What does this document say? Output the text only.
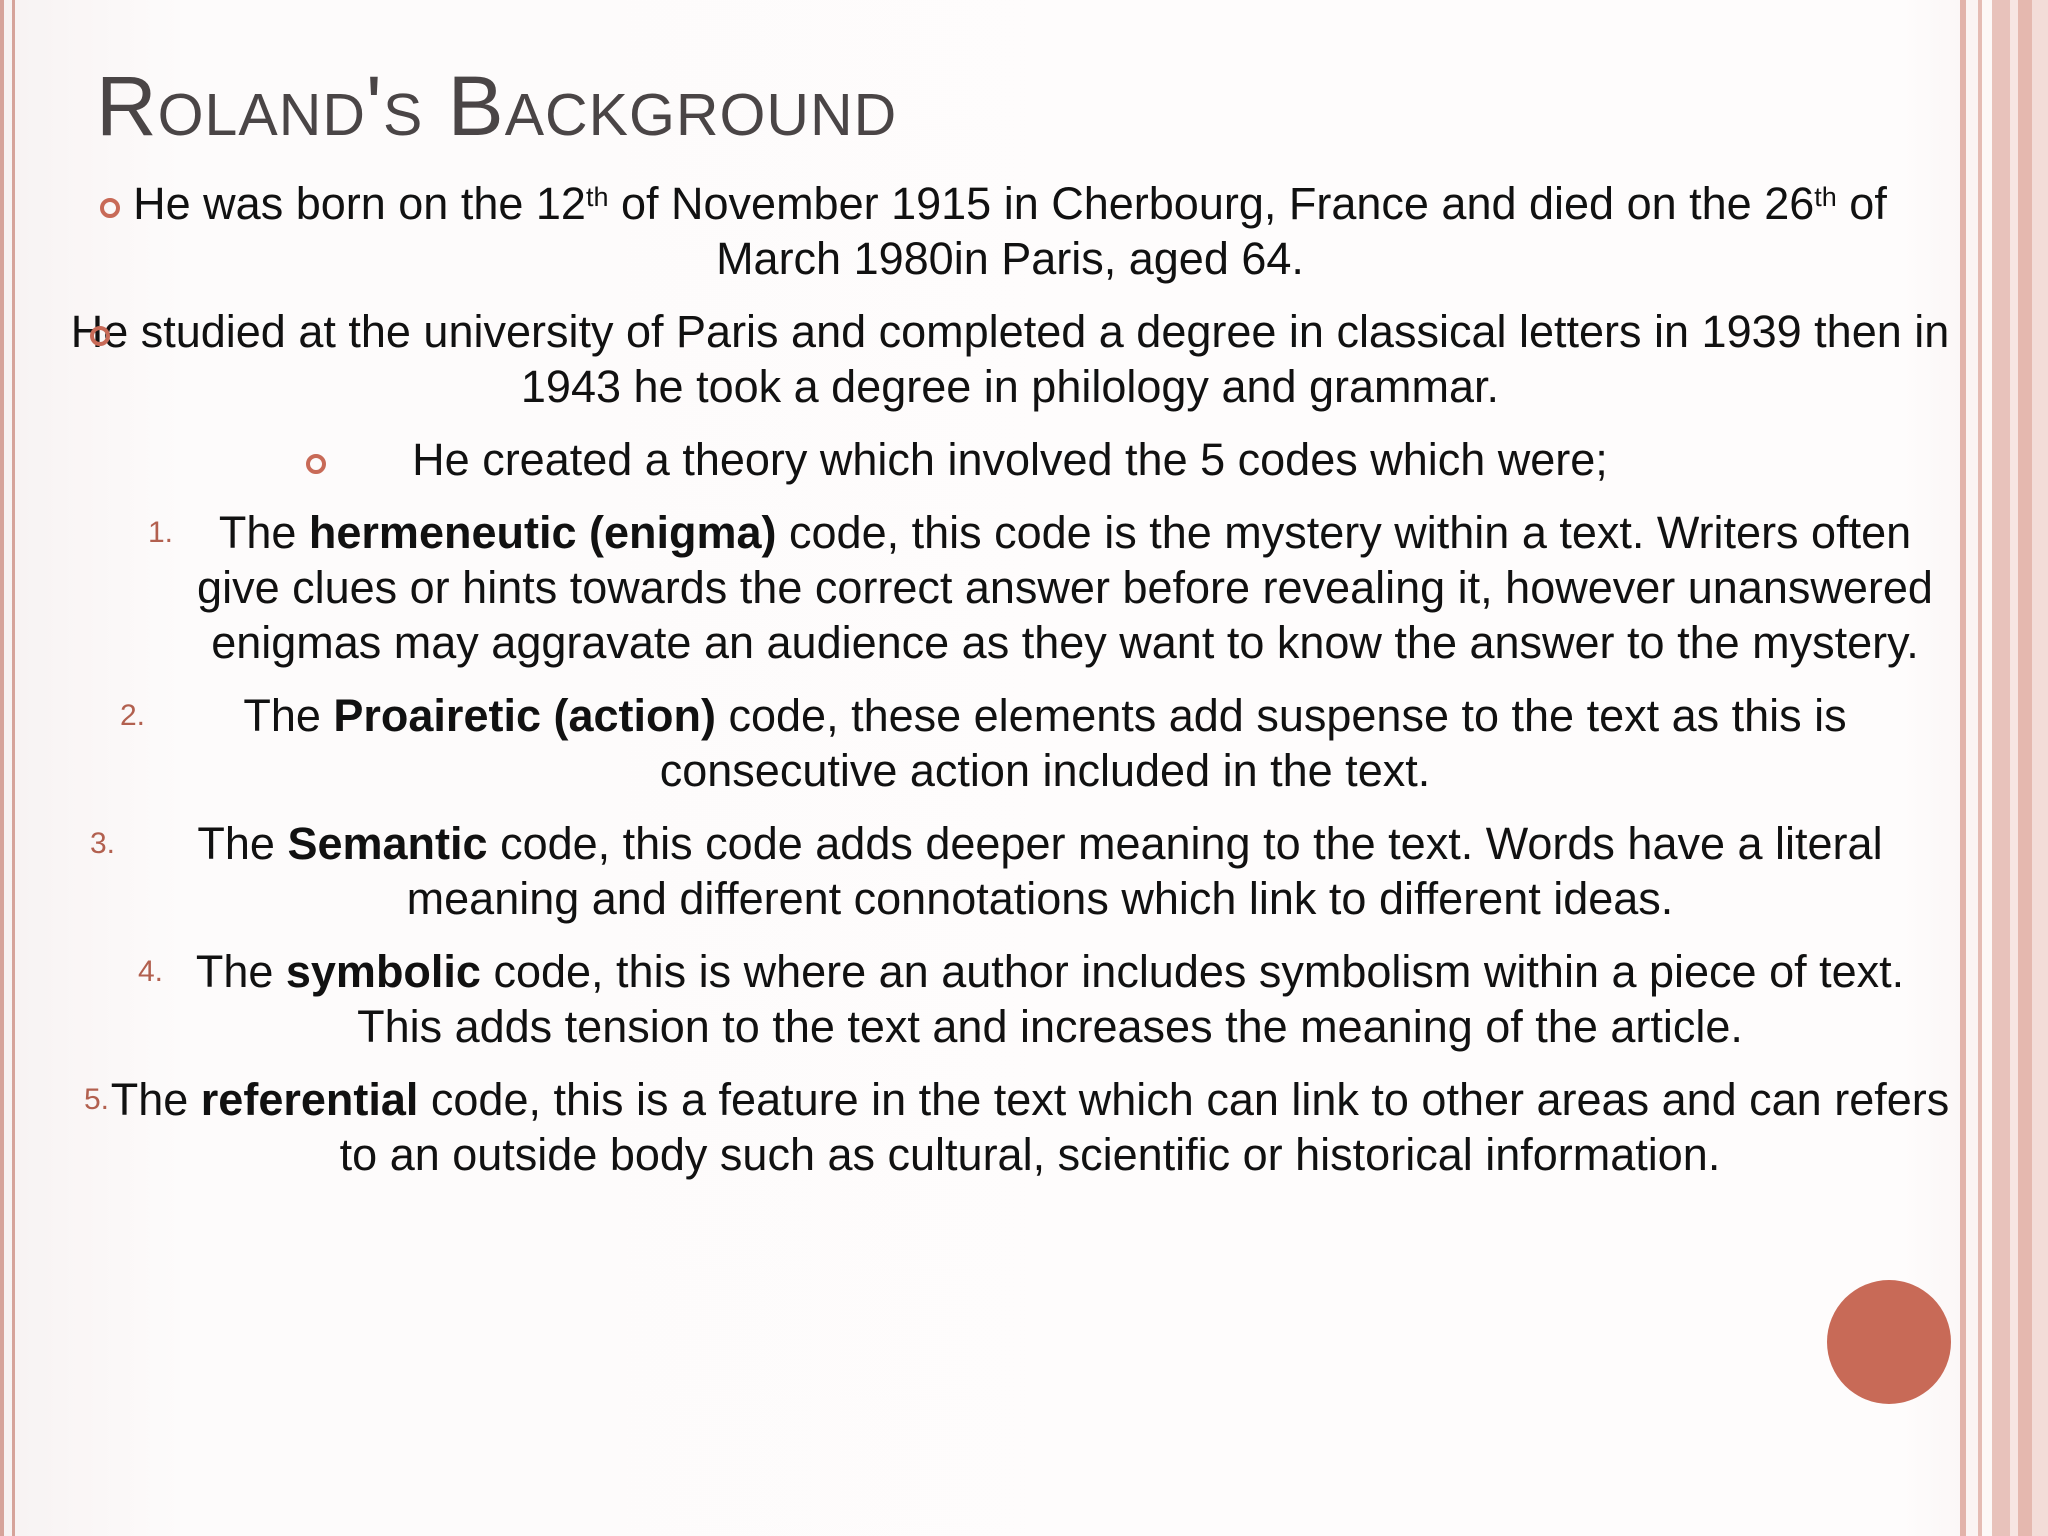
Roland's Background

He was born on the 12th of November 1915 in Cherbourg, France and died on the 26th of March 1980in Paris, aged 64.

He studied at the university of Paris and completed a degree in classical letters in 1939 then in 1943 he took a degree in philology and grammar.

He created a theory which involved the 5 codes which were;

1. The hermeneutic (enigma) code, this code is the mystery within a text. Writers often give clues or hints towards the correct answer before revealing it, however unanswered enigmas may aggravate an audience as they want to know the answer to the mystery.

2. The Proairetic (action) code, these elements add suspense to the text as this is consecutive action included in the text.

3. The Semantic code, this code adds deeper meaning to the text. Words have a literal meaning and different connotations which link to different ideas.

4. The symbolic code, this is where an author includes symbolism within a piece of text. This adds tension to the text and increases the meaning of the article.

5. The referential code, this is a feature in the text which can link to other areas and can refers to an outside body such as cultural, scientific or historical information.
